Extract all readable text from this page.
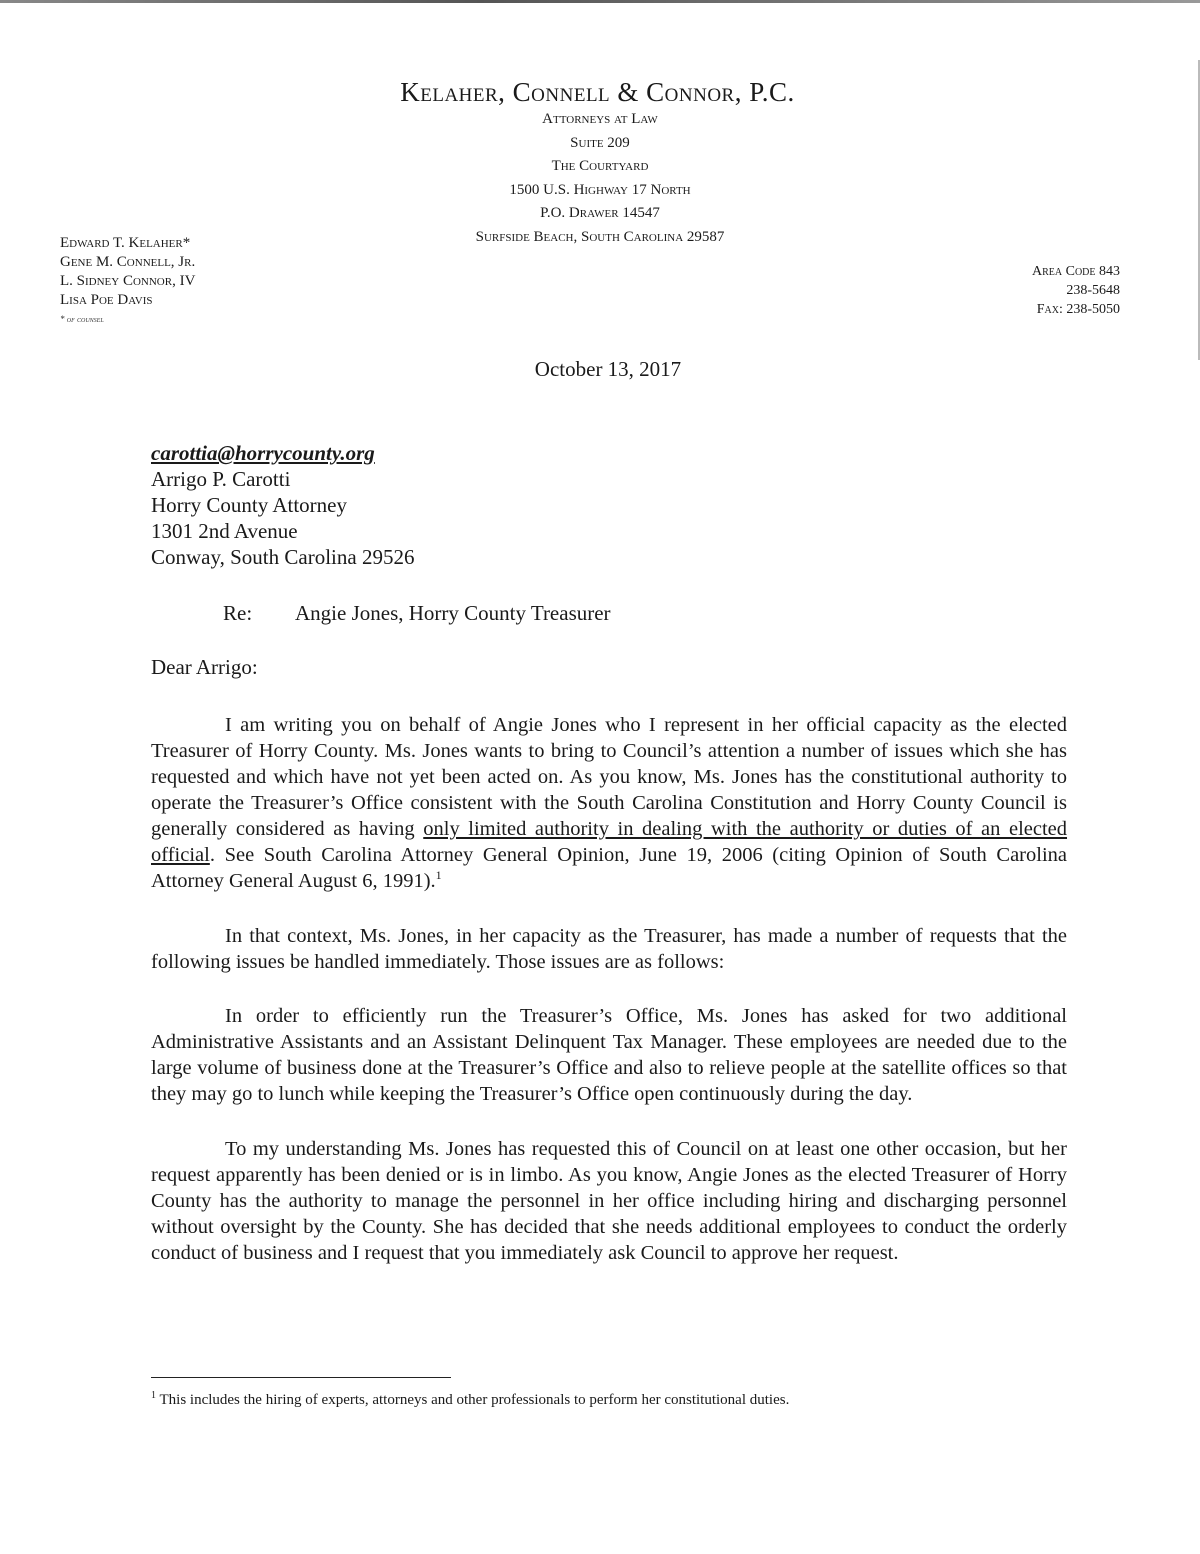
Kelaher, Connell & Connor, P.C.
Attorneys at Law
Suite 209
The Courtyard
1500 U.S. Highway 17 North
P.O. Drawer 14547
Surfside Beach, South Carolina 29587
Edward T. Kelaher*
Gene M. Connell, Jr.
L. Sidney Connor, IV
Lisa Poe Davis
* of counsel
Area Code 843
238-5648
Fax: 238-5050
October 13, 2017
carottia@horrycounty.org
Arrigo P. Carotti
Horry County Attorney
1301 2nd Avenue
Conway, South Carolina 29526
Re: Angie Jones, Horry County Treasurer
Dear Arrigo:

I am writing you on behalf of Angie Jones who I represent in her official capacity as the elected Treasurer of Horry County. Ms. Jones wants to bring to Council’s attention a number of issues which she has requested and which have not yet been acted on. As you know, Ms. Jones has the constitutional authority to operate the Treasurer’s Office consistent with the South Carolina Constitution and Horry County Council is generally considered as having only limited authority in dealing with the authority or duties of an elected official. See South Carolina Attorney General Opinion, June 19, 2006 (citing Opinion of South Carolina Attorney General August 6, 1991).$^1$

In that context, Ms. Jones, in her capacity as the Treasurer, has made a number of requests that the following issues be handled immediately. Those issues are as follows:

In order to efficiently run the Treasurer’s Office, Ms. Jones has asked for two additional Administrative Assistants and an Assistant Delinquent Tax Manager. These employees are needed due to the large volume of business done at the Treasurer’s Office and also to relieve people at the satellite offices so that they may go to lunch while keeping the Treasurer’s Office open continuously during the day.

To my understanding Ms. Jones has requested this of Council on at least one other occasion, but her request apparently has been denied or is in limbo. As you know, Angie Jones as the elected Treasurer of Horry County has the authority to manage the personnel in her office including hiring and discharging personnel without oversight by the County. She has decided that she needs additional employees to conduct the orderly conduct of business and I request that you immediately ask Council to approve her request.

$^1$ This includes the hiring of experts, attorneys and other professionals to perform her constitutional duties.
